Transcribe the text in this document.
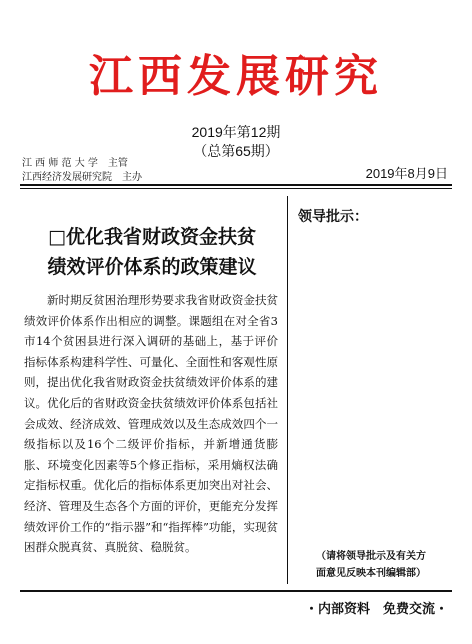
江西发展研究
2019年第12期
（总第65期）
江 西 师 范 大 学　主管
江西经济发展研究院　主办	2019年8月9日
□优化我省财政资金扶贫
绩效评价体系的政策建议

新时期反贫困治理形势要求我省财政资金扶贫绩效评价体系作出相应的调整。课题组在对全省3市14个贫困县进行深入调研的基础上，基于评价指标体系构建科学性、可量化、全面性和客观性原则，提出优化我省财政资金扶贫绩效评价体系的建议。优化后的省财政资金扶贫绩效评价体系包括社会成效、经济成效、管理成效以及生态成效四个一级指标以及16个二级评价指标，并新增通货膨胀、环境变化因素等5个修正指标，采用熵权法确定指标权重。优化后的指标体系更加突出对社会、经济、管理及生态各个方面的评价，更能充分发挥绩效评价工作的“指示器”和“指挥棒”功能，实现贫困群众脱真贫、真脱贫、稳脱贫。

领导批示：
（请将领导批示及有关方
面意见反映本刊编辑部）
・内部资料　免费交流・
